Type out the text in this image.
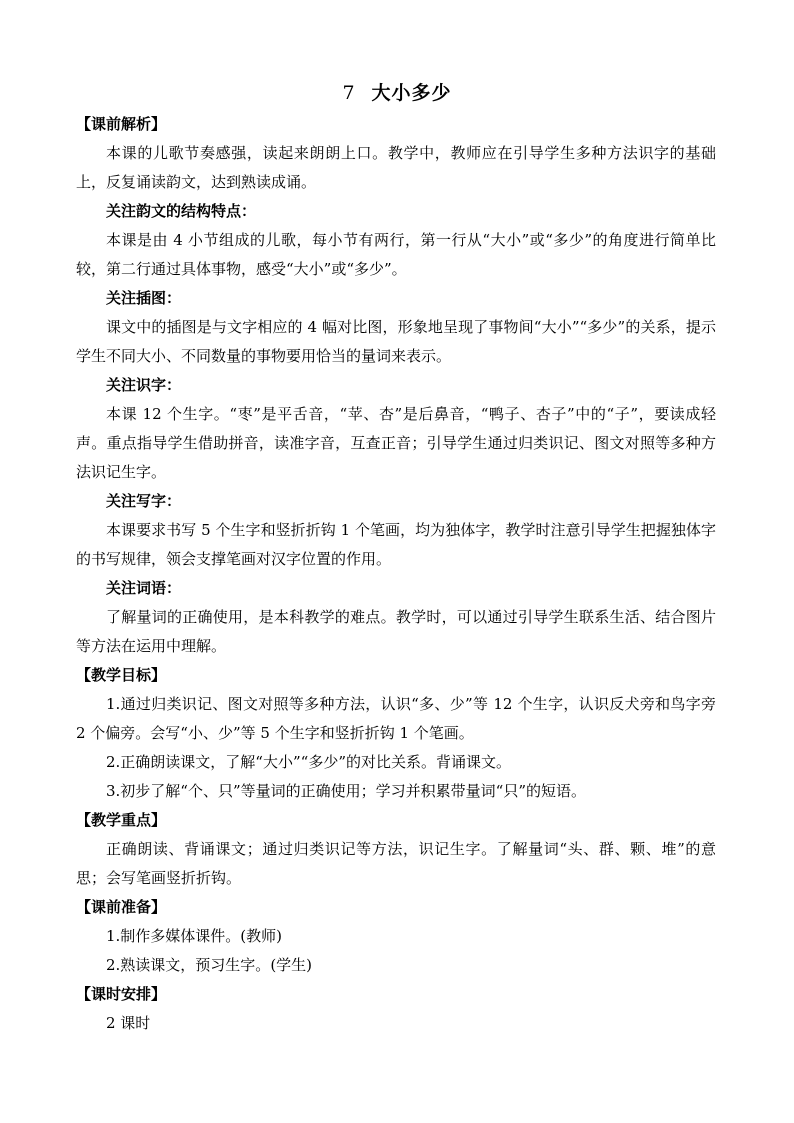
7 大小多少
【课前解析】
本课的儿歌节奏感强，读起来朗朗上口。教学中，教师应在引导学生多种方法识字的基础上，反复诵读韵文，达到熟读成诵。
关注韵文的结构特点：
本课是由 4 小节组成的儿歌，每小节有两行，第一行从“大小”或“多少”的角度进行简单比较，第二行通过具体事物，感受“大小”或“多少”。
关注插图：
课文中的插图是与文字相应的 4 幅对比图，形象地呈现了事物间“大小”“多少”的关系，提示学生不同大小、不同数量的事物要用恰当的量词来表示。
关注识字：
本课 12 个生字。“枣”是平舌音，“苹、杏”是后鼻音，“鸭子、杏子”中的“子”，要读成轻声。重点指导学生借助拼音，读准字音，互查正音；引导学生通过归类识记、图文对照等多种方法识记生字。
关注写字：
本课要求书写 5 个生字和竖折折钩 1 个笔画，均为独体字，教学时注意引导学生把握独体字的书写规律，领会支撑笔画对汉字位置的作用。
关注词语：
了解量词的正确使用，是本科教学的难点。教学时，可以通过引导学生联系生活、结合图片等方法在运用中理解。
【教学目标】
1.通过归类识记、图文对照等多种方法，认识“多、少”等 12 个生字，认识反犬旁和鸟字旁 2 个偏旁。会写“小、少”等 5 个生字和竖折折钩 1 个笔画。
2.正确朗读课文，了解“大小”“多少”的对比关系。背诵课文。
3.初步了解“个、只”等量词的正确使用；学习并积累带量词“只”的短语。
【教学重点】
正确朗读、背诵课文；通过归类识记等方法，识记生字。了解量词“头、群、颗、堆”的意思；会写笔画竖折折钩。
【课前准备】
1.制作多媒体课件。(教师)
2.熟读课文，预习生字。(学生)
【课时安排】
2 课时
